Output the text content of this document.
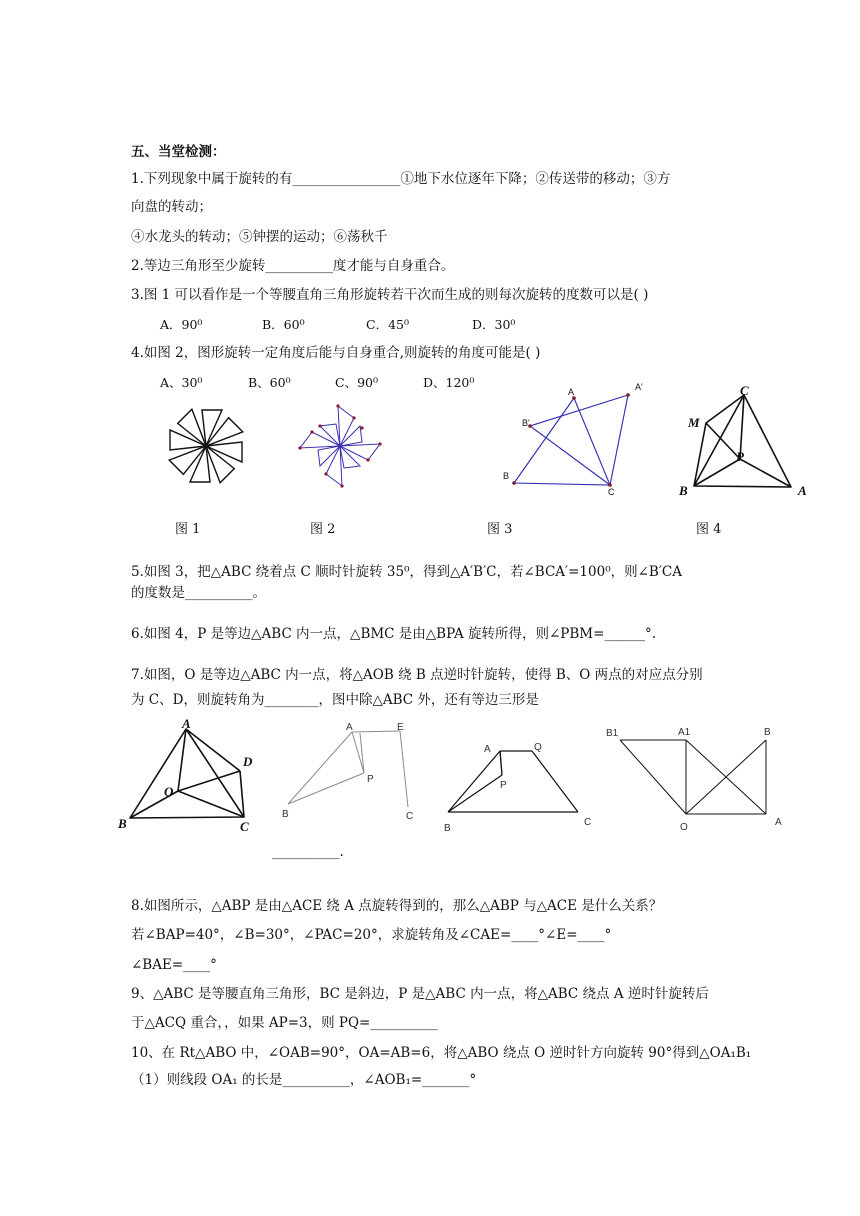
五、当堂检测：
1.下列现象中属于旋转的有________________①地下水位逐年下降；②传送带的移动；③方
向盘的转动；
④水龙头的转动；⑤钟摆的运动；⑥荡秋千
2.等边三角形至少旋转__________度才能与自身重合。
3.图 1 可以看作是一个等腰直角三角形旋转若干次而生成的则每次旋转的度数可以是( )
A．90⁰	B．60⁰	C．45⁰	D．30⁰
4.如图 2，图形旋转一定角度后能与自身重合,则旋转的角度可能是( )
A、30⁰	B、60⁰	C、90⁰	D、120⁰
A	A'
B'
B
C
C
M
P
B	A
图 1	图 2	图 3	图 4
5.如图 3，把△ABC 绕着点 C 顺时针旋转 35⁰，得到△A′B′C，若∠BCA′=100⁰，则∠B′CA
的度数是__________。
6.如图 4，P 是等边△ABC 内一点，△BMC 是由△BPA 旋转所得，则∠PBM=______°.
7.如图，O 是等边△ABC 内一点，将△AOB 绕 B 点逆时针旋转，使得 B、O 两点的对应点分别
为 C、D，则旋转角为________，图中除△ABC 外，还有等边三形是
A
D
O
B	C
A	E
P
B	C
A	Q
P
B
C
B1	A1	B
O	A
__________.
8.如图所示，△ABP 是由△ACE 绕 A 点旋转得到的，那么△ABP 与△ACE 是什么关系？
若∠BAP=40°，∠B=30°，∠PAC=20°，求旋转角及∠CAE=____°∠E=____°
∠BAE=____°
9、△ABC 是等腰直角三角形，BC 是斜边，P 是△ABC 内一点，将△ABC 绕点 A 逆时针旋转后
于△ACQ 重合，，如果 AP=3，则 PQ=__________
10、在 Rt△ABO 中，∠OAB=90°，OA=AB=6，将△ABO 绕点 O 逆时针方向旋转 90°得到△OA₁B₁
（1）则线段 OA₁ 的长是__________，∠AOB₁=_______°
